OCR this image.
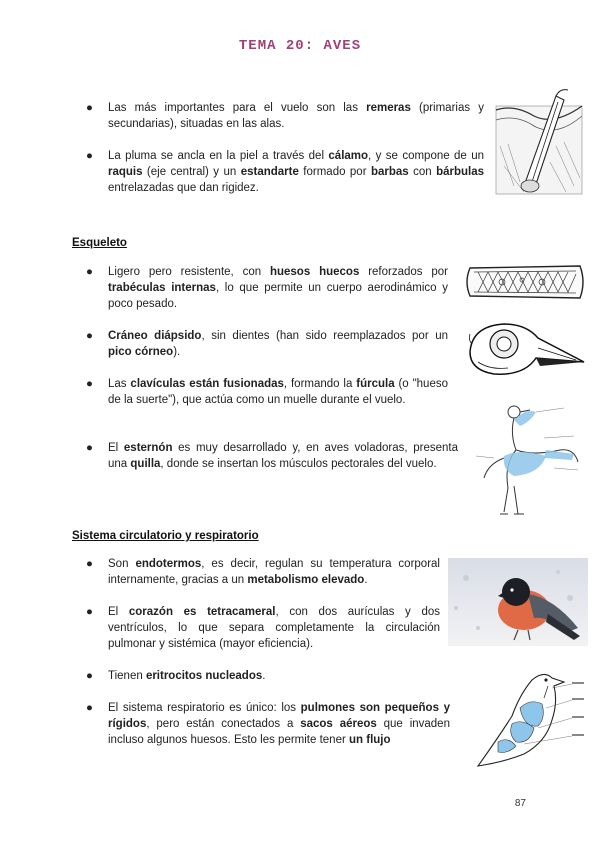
TEMA 20: AVES
● Las más importantes para el vuelo son las remeras (primarias y secundarias), situadas en las alas.
● La pluma se ancla en la piel a través del cálamo, y se compone de un raquis (eje central) y un estandarte formado por barbas con bárbulas entrelazadas que dan rigidez.
Esqueleto
● Ligero pero resistente, con huesos huecos reforzados por trabéculas internas, lo que permite un cuerpo aerodinámico y poco pesado.
● Cráneo diápsido, sin dientes (han sido reemplazados por un pico córneo).
● Las clavículas están fusionadas, formando la fúrcula (o "hueso de la suerte"), que actúa como un muelle durante el vuelo.
● El esternón es muy desarrollado y, en aves voladoras, presenta una quilla, donde se insertan los músculos pectorales del vuelo.
Sistema circulatorio y respiratorio
● Son endotermos, es decir, regulan su temperatura corporal internamente, gracias a un metabolismo elevado.
● El corazón es tetracameral, con dos aurículas y dos ventrículos, lo que separa completamente la circulación pulmonar y sistémica (mayor eficiencia).
● Tienen eritrocitos nucleados.
● El sistema respiratorio es único: los pulmones son pequeños y rígidos, pero están conectados a sacos aéreos que invaden incluso algunos huesos. Esto les permite tener un flujo
87
